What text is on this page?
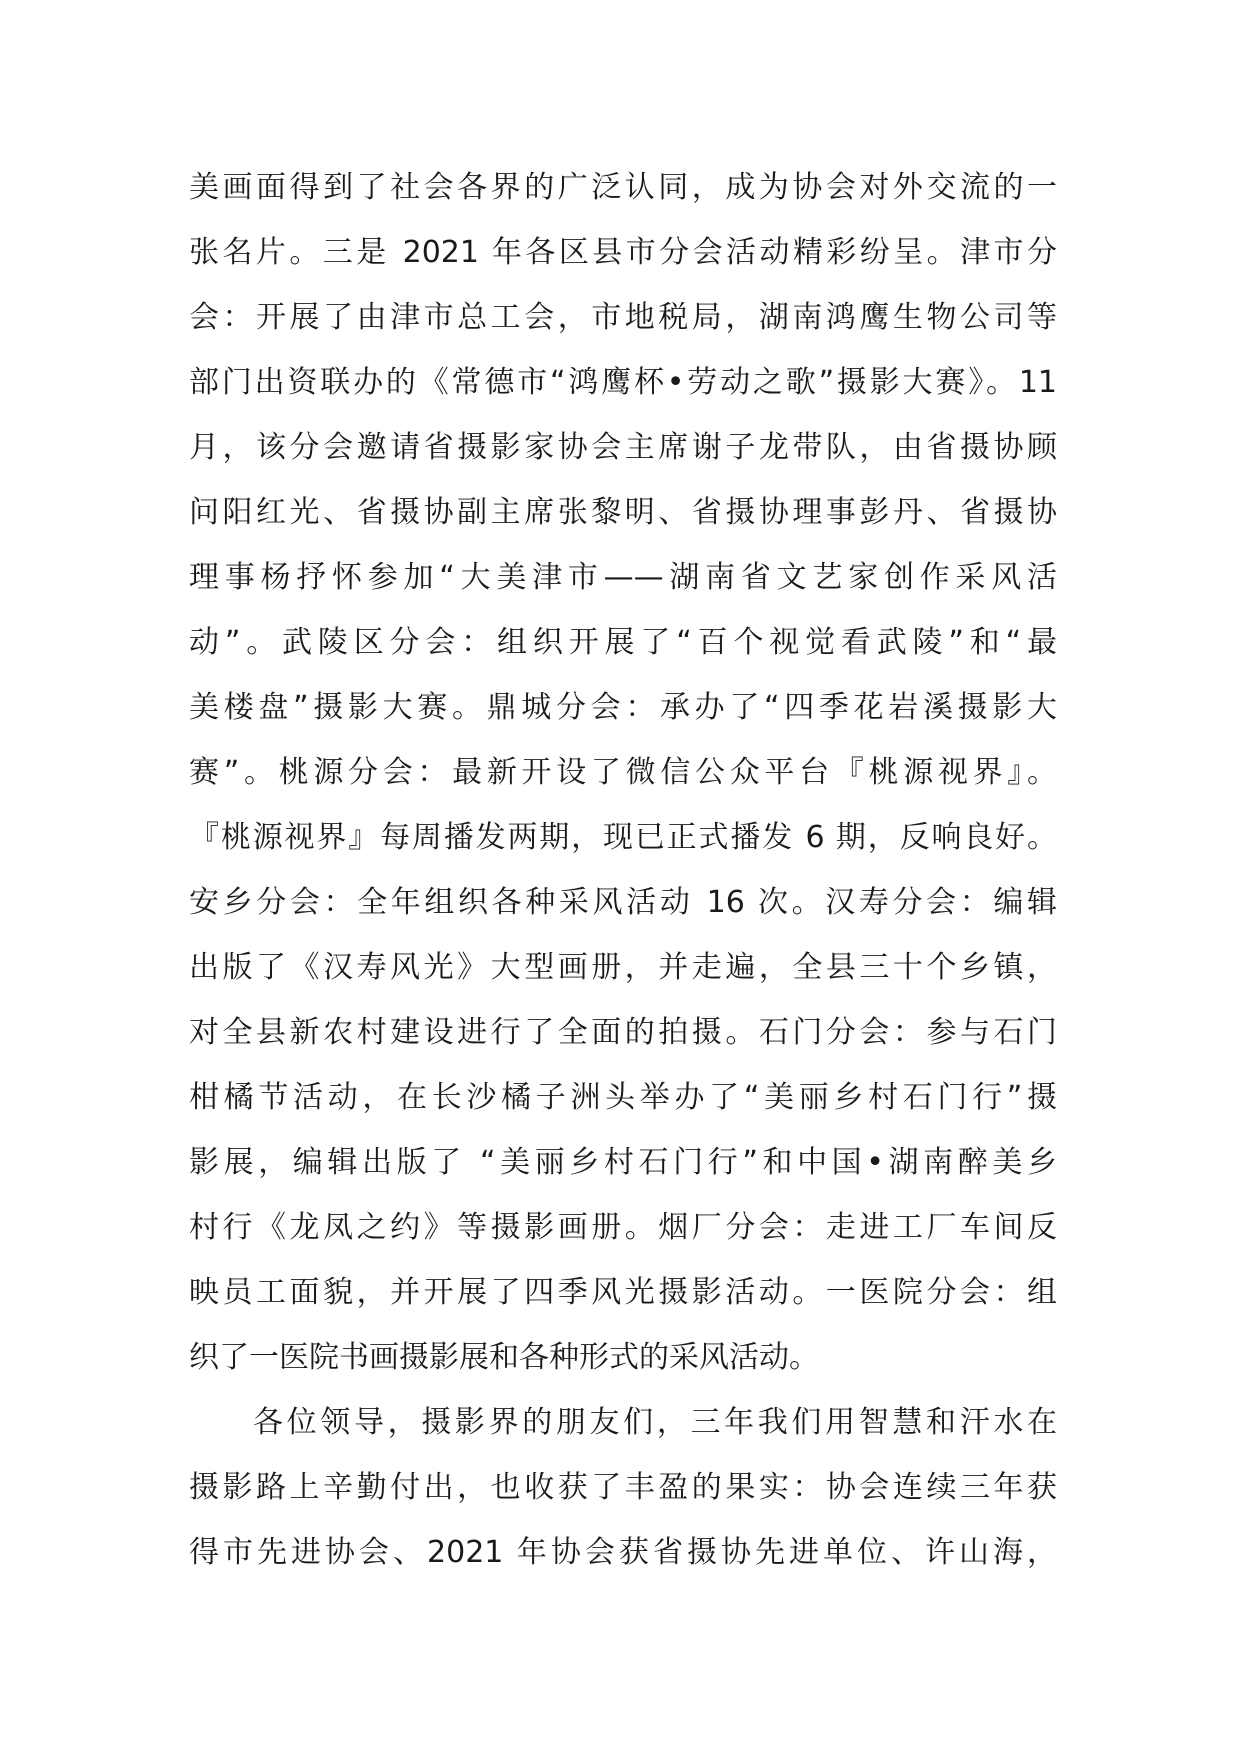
美画面得到了社会各界的广泛认同，成为协会对外交流的一
张名片。三是 2021 年各区县市分会活动精彩纷呈。津市分
会：开展了由津市总工会，市地税局，湖南鸿鹰生物公司等
部门出资联办的《常德市“鸿鹰杯•劳动之歌”摄影大赛》。11
月，该分会邀请省摄影家协会主席谢子龙带队，由省摄协顾
问阳红光、省摄协副主席张黎明、省摄协理事彭丹、省摄协
理事杨抒怀参加“大美津市——湖南省文艺家创作采风活
动”。武陵区分会：组织开展了“百个视觉看武陵”和“最
美楼盘”摄影大赛。鼎城分会：承办了“四季花岩溪摄影大
赛”。桃源分会：最新开设了微信公众平台『桃源视界』。
『桃源视界』每周播发两期，现已正式播发 6 期，反响良好。
安乡分会：全年组织各种采风活动 16 次。汉寿分会：编辑
出版了《汉寿风光》大型画册，并走遍，全县三十个乡镇，
对全县新农村建设进行了全面的拍摄。石门分会：参与石门
柑橘节活动，在长沙橘子洲头举办了“美丽乡村石门行”摄
影展，编辑出版了 “美丽乡村石门行”和中国•湖南醉美乡
村行《龙凤之约》等摄影画册。烟厂分会：走进工厂车间反
映员工面貌，并开展了四季风光摄影活动。一医院分会：组
织了一医院书画摄影展和各种形式的采风活动。
各位领导，摄影界的朋友们，三年我们用智慧和汗水在
摄影路上辛勤付出，也收获了丰盈的果实：协会连续三年获
得市先进协会、2021 年协会获省摄协先进单位、许山海，
